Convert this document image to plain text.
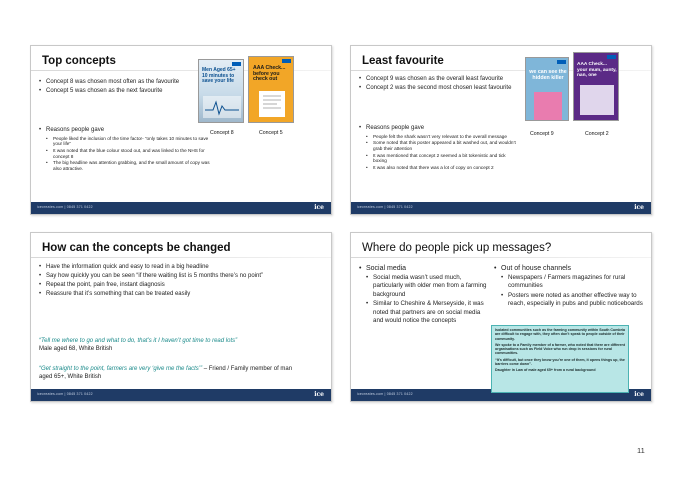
Top concepts
• Concept 8 was chosen most often as the favourite
• Concept 5 was chosen as the next favourite
• Reasons people gave
• People liked the inclusion of the time factor- “only takes 10 minutes to save your life”
• It was noted that the blue colour stood out, and was linked to the NHS for concept 8
• The big headline was attention grabbing, and the small amount of copy was also attractive.
icecreates.com | 0845 371 0422	ice
Men Aged 65+ 10 minutes to save your life
AAA Check... before you check out
Concept 8	Concept 5
Least favourite
• Concept 9 was chosen as the overall least favourite
• Concept 2 was the second most chosen least favourite
• Reasons people gave
• People felt the shark wasn’t very relevant to the overall message
• Some noted that this poster appeared a bit washed out, and wouldn’t grab their attention
• It was mentioned that concept 2 seemed a bit tokenistic and tick boxing
• It was also noted that there was a lot of copy on concept 2
icecreates.com | 0845 371 0422	ice
we can see the hidden killer
AAA Check... your mum, aunty, nan, one
Concept 9	Concept 2
How can the concepts be changed
• Have the information quick and easy to read in a big headline
• Say how quickly you can be seen “if there waiting list is 5 months there’s no point”
• Repeat the point, pain free, instant diagnosis
• Reassure that it’s something that can be treated easily
“Tell me where to go and what to do, that’s it I haven’t got time to read lots”
Male aged 68, White British
“Get straight to the point, farmers are very ‘give me the facts’” – Friend / Family member of man aged 65+, White British
icecreates.com | 0845 371 0422	ice
Where do people pick up messages?
• Social media
• Social media wasn’t used much, particularly with older men from a farming background
• Similar to Cheshire & Merseyside, it was noted that partners are on social media and would notice the concepts
• Out of house channels
• Newspapers / Farmers magazines for rural communities
• Posters were noted as another effective way to reach, especially in pubs and public noticeboards
icecreates.com | 0845 371 0422	ice

Isolated communities such as the farming community within South Cumbria are difficult to engage with, they often don’t speak to people outside of their community.

We spoke to a Family member of a farmer, who noted that there are different organisations such as Field Voice who run drop in sessions for rural communities.

“It’s difficult, but once they know you’re one of them, it opens things up, the barriers come down”.

Daughter in Law of male aged 65+ from a rural background

11
